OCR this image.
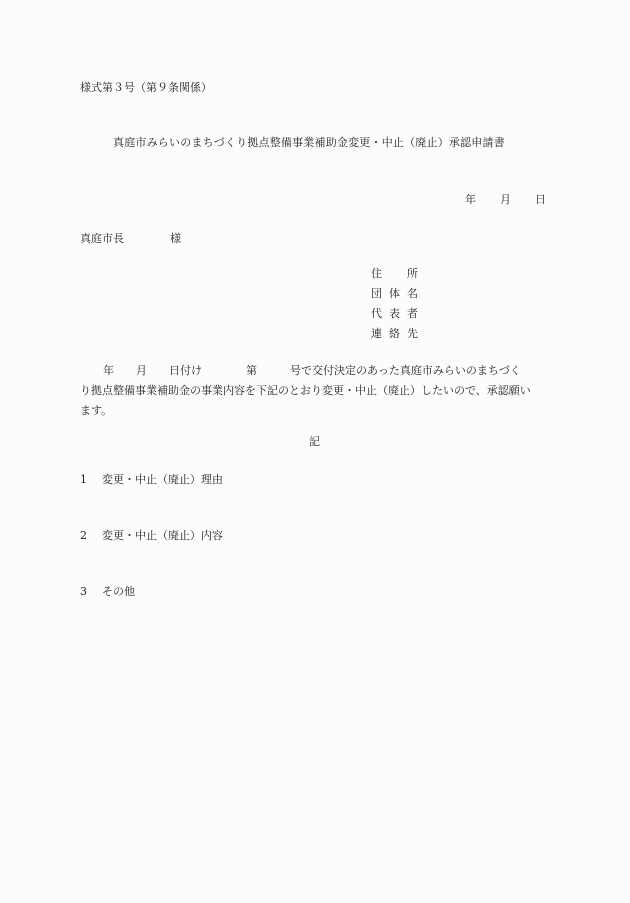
様式第３号（第９条関係）
真庭市みらいのまちづくり拠点整備事業補助金変更・中止（廃止）承認申請書
年 月 日
真庭市長	様
住 所
団 体 名
代 表 者
連 絡 先
年 月 日付け	第	号で交付決定のあった真庭市みらいのまちづく
り拠点整備事業補助金の事業内容を下記のとおり変更・中止（廃止）したいので、承認願い
ます。
記
1 変更・中止（廃止）理由
2 変更・中止（廃止）内容
3 その他
